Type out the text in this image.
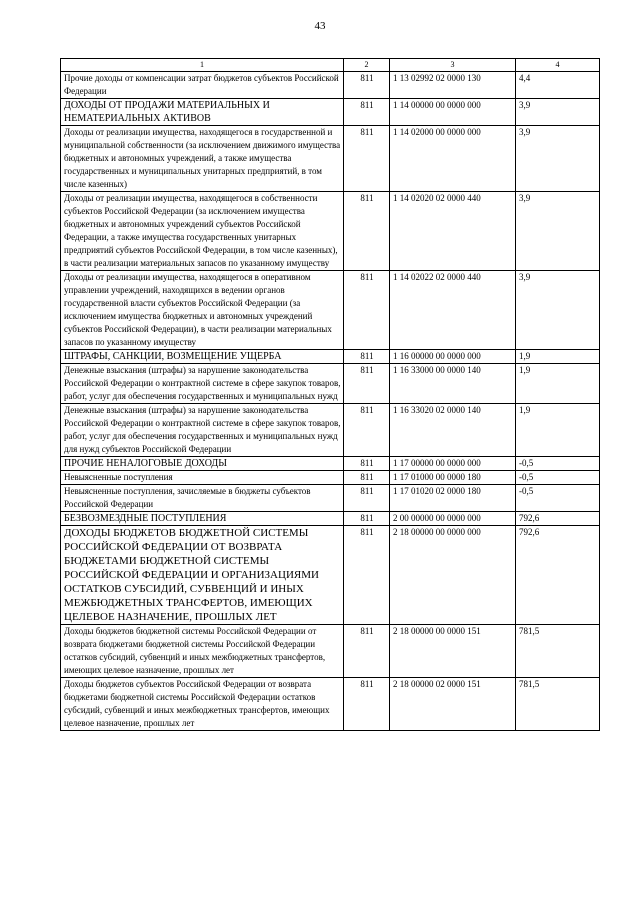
43
1	2	3	4
Прочие доходы от компенсации затрат бюджетов субъектов Российской Федерации	811	1 13 02992 02 0000 130	4,4
ДОХОДЫ ОТ ПРОДАЖИ МАТЕРИАЛЬНЫХ И НЕМАТЕРИАЛЬНЫХ АКТИВОВ	811	1 14 00000 00 0000 000	3,9
Доходы от реализации имущества, находящегося в государственной и муниципальной собственности (за исключением движимого имущества бюджетных и автономных учреждений, а также имущества государственных и муниципальных унитарных предприятий, в том числе казенных)	811	1 14 02000 00 0000 000	3,9
Доходы от реализации имущества, находящегося в собственности субъектов Российской Федерации (за исключением имущества бюджетных и автономных учреждений субъектов Российской Федерации, а также имущества государственных унитарных предприятий субъектов Российской Федерации, в том числе казенных), в части реализации материальных запасов по указанному имуществу	811	1 14 02020 02 0000 440	3,9
Доходы от реализации имущества, находящегося в оперативном управлении учреждений, находящихся в ведении органов государственной власти субъектов Российской Федерации (за исключением имущества бюджетных и автономных учреждений субъектов Российской Федерации), в части реализации материальных запасов по указанному имуществу	811	1 14 02022 02 0000 440	3,9
ШТРАФЫ, САНКЦИИ, ВОЗМЕЩЕНИЕ УЩЕРБА	811	1 16 00000 00 0000 000	1,9
Денежные взыскания (штрафы) за нарушение законодательства Российской Федерации о контрактной системе в сфере закупок товаров, работ, услуг для обеспечения государственных и муниципальных нужд	811	1 16 33000 00 0000 140	1,9
Денежные взыскания (штрафы) за нарушение законодательства Российской Федерации о контрактной системе в сфере закупок товаров, работ, услуг для обеспечения государственных и муниципальных нужд для нужд субъектов Российской Федерации	811	1 16 33020 02 0000 140	1,9
ПРОЧИЕ НЕНАЛОГОВЫЕ ДОХОДЫ	811	1 17 00000 00 0000 000	-0,5
Невыясненные поступления	811	1 17 01000 00 0000 180	-0,5
Невыясненные поступления, зачисляемые в бюджеты субъектов Российской Федерации	811	1 17 01020 02 0000 180	-0,5
БЕЗВОЗМЕЗДНЫЕ ПОСТУПЛЕНИЯ	811	2 00 00000 00 0000 000	792,6
ДОХОДЫ БЮДЖЕТОВ БЮДЖЕТНОЙ СИСТЕМЫ РОССИЙСКОЙ ФЕДЕРАЦИИ ОТ ВОЗВРАТА БЮДЖЕТАМИ БЮДЖЕТНОЙ СИСТЕМЫ РОССИЙСКОЙ ФЕДЕРАЦИИ И ОРГАНИЗАЦИЯМИ ОСТАТКОВ СУБСИДИЙ, СУБВЕНЦИЙ И ИНЫХ МЕЖБЮДЖЕТНЫХ ТРАНСФЕРТОВ, ИМЕЮЩИХ ЦЕЛЕВОЕ НАЗНАЧЕНИЕ, ПРОШЛЫХ ЛЕТ	811	2 18 00000 00 0000 000	792,6
Доходы бюджетов бюджетной системы Российской Федерации от возврата бюджетами бюджетной системы Российской Федерации остатков субсидий, субвенций и иных межбюджетных трансфертов, имеющих целевое назначение, прошлых лет	811	2 18 00000 00 0000 151	781,5
Доходы бюджетов субъектов Российской Федерации от возврата бюджетами бюджетной системы Российской Федерации остатков субсидий, субвенций и иных межбюджетных трансфертов, имеющих целевое назначение, прошлых лет	811	2 18 00000 02 0000 151	781,5
